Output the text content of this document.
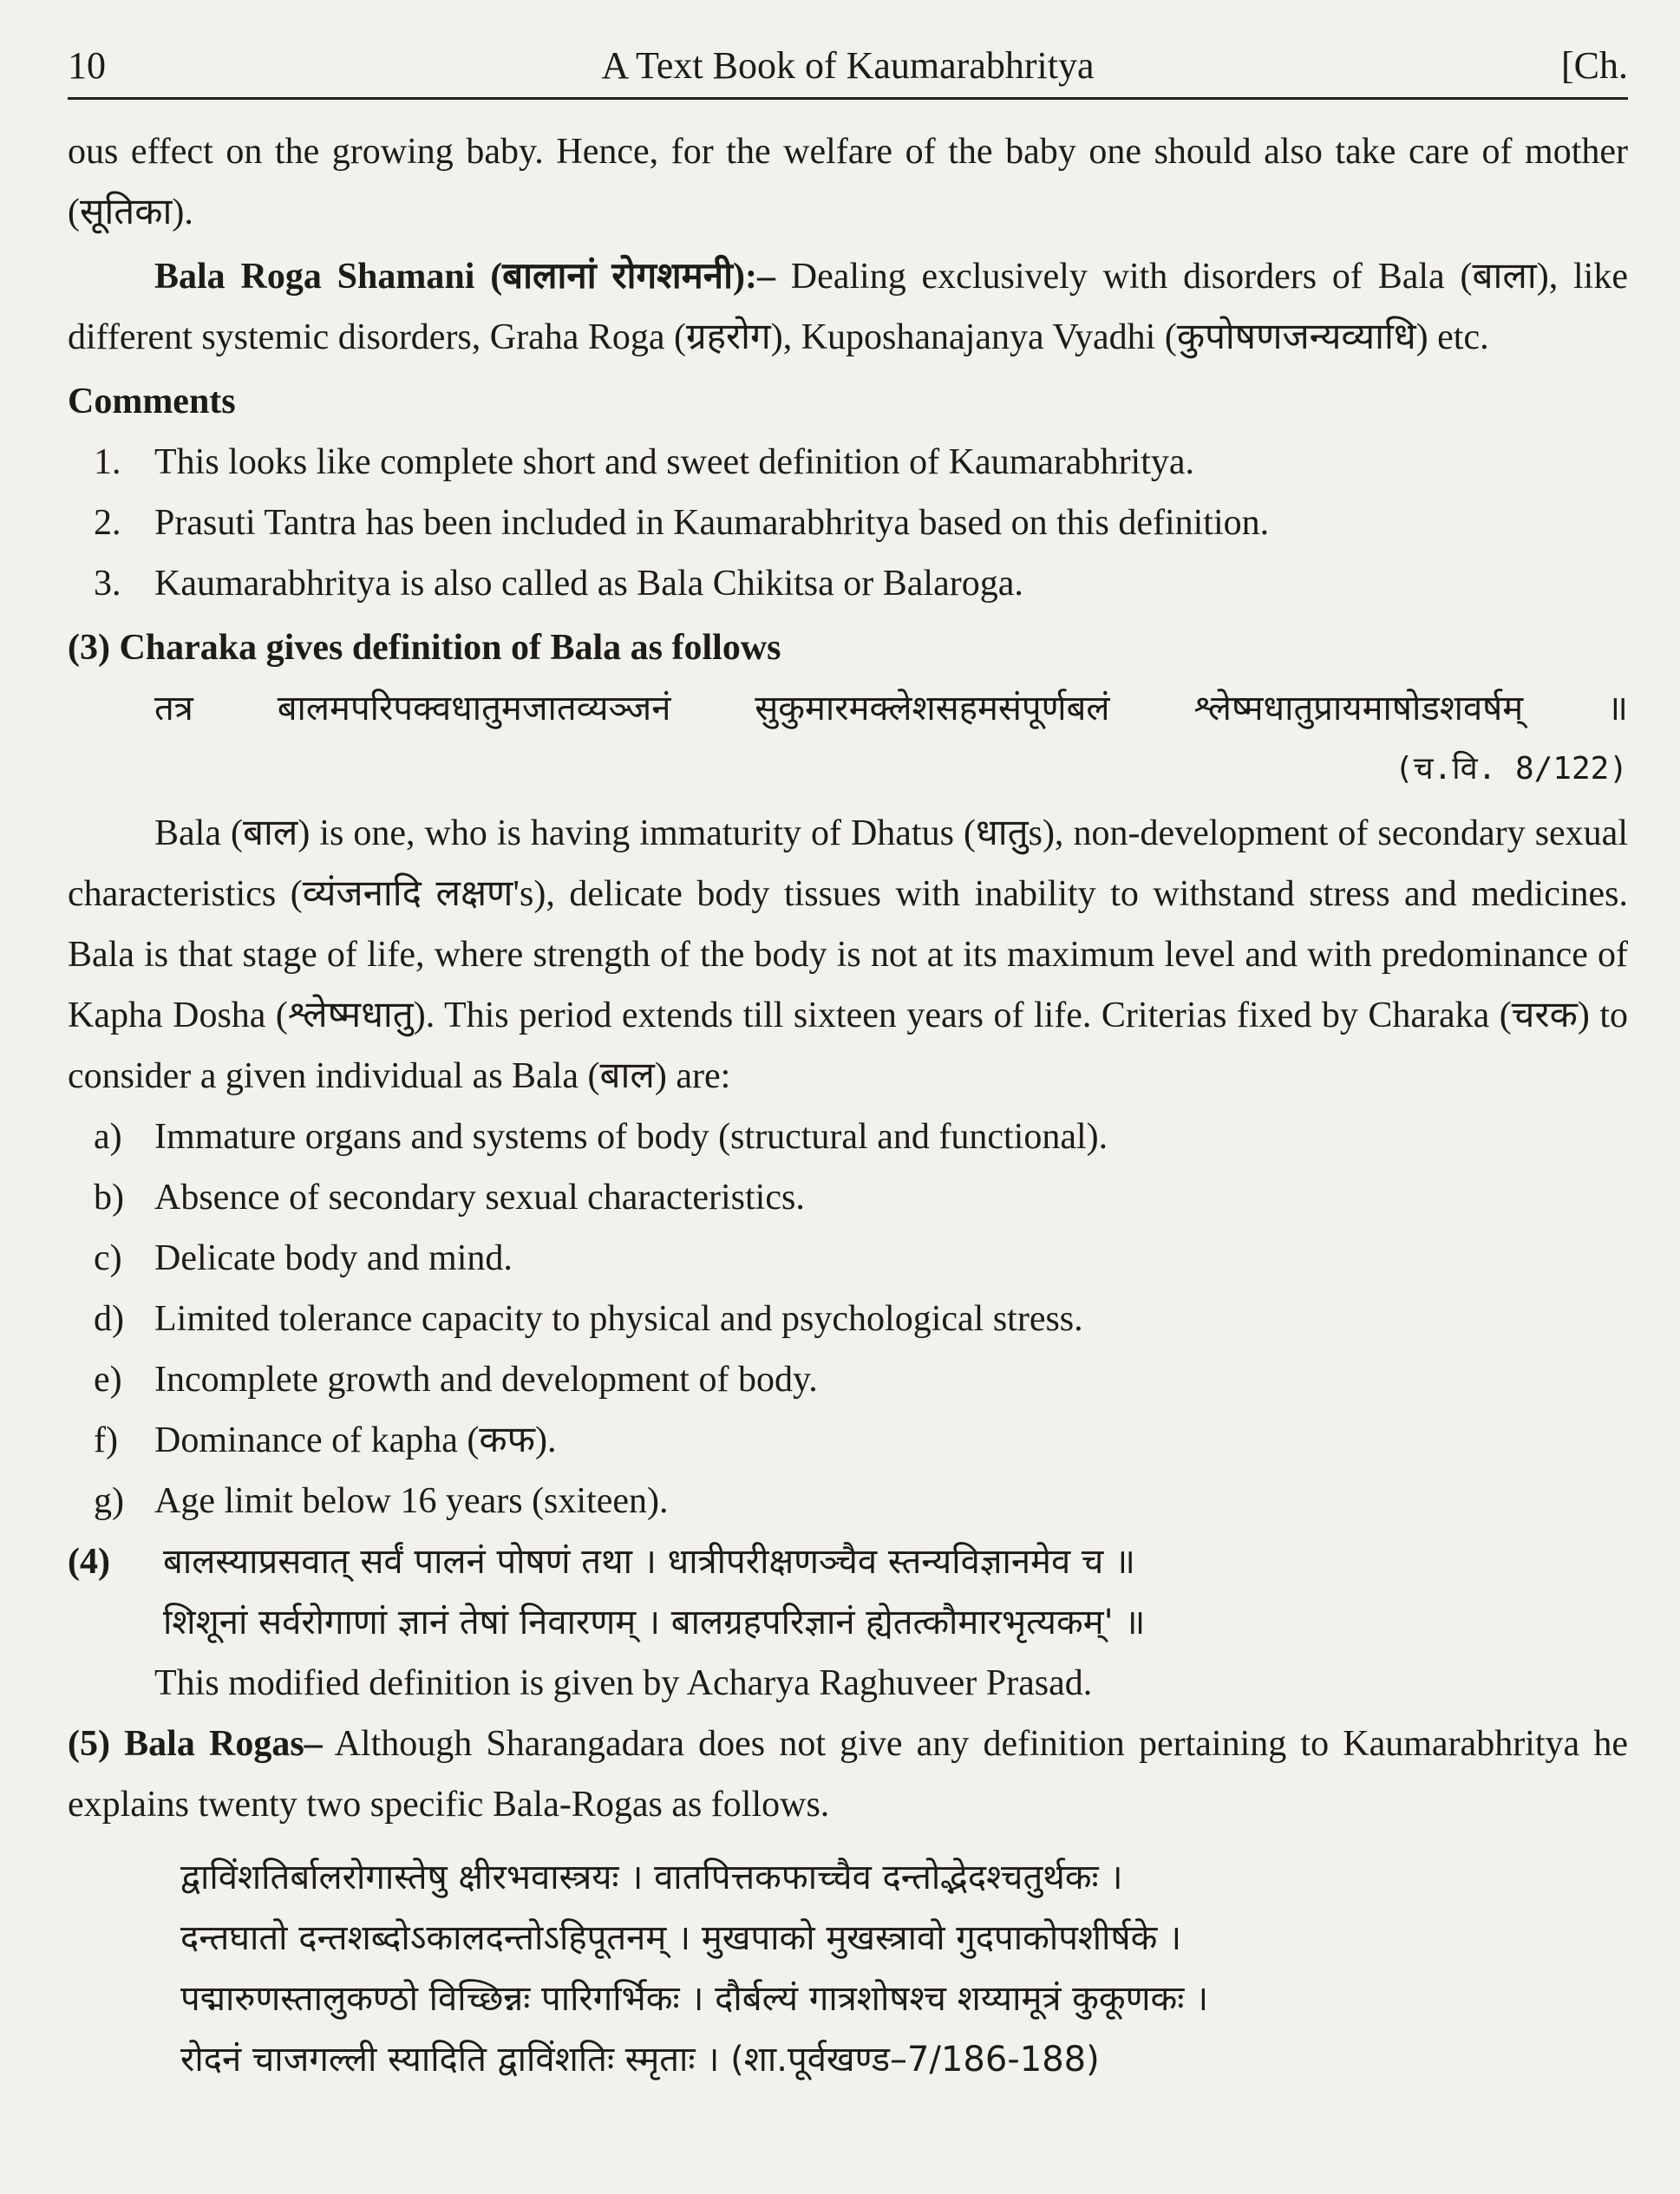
10	A Text Book of Kaumarabhritya	[Ch.

ous effect on the growing baby. Hence, for the welfare of the baby one should also take care of mother (सूतिका).

Bala Roga Shamani (बालानां रोगशमनी):– Dealing exclusively with disorders of Bala (बाला), like different systemic disorders, Graha Roga (ग्रहरोग), Kuposhanajanya Vyadhi (कुपोषणजन्यव्याधि) etc.

Comments

1. This looks like complete short and sweet definition of Kaumarabhritya.
2. Prasuti Tantra has been included in Kaumarabhritya based on this definition.
3. Kaumarabhritya is also called as Bala Chikitsa or Balaroga.

(3) Charaka gives definition of Bala as follows

तत्र बालमपरिपक्वधातुमजातव्यञ्जनं सुकुमारमक्लेशसहमसंपूर्णबलं श्लेष्मधातुप्रायमाषोडशवर्षम् ॥

(च.वि. 8/122)

Bala (बाल) is one, who is having immaturity of Dhatus (धातुs), non-development of secondary sexual characteristics (व्यंजनादि लक्षण's), delicate body tissues with inability to withstand stress and medicines. Bala is that stage of life, where strength of the body is not at its maximum level and with predominance of Kapha Dosha (श्लेष्मधातु). This period extends till sixteen years of life. Criterias fixed by Charaka (चरक) to consider a given individual as Bala (बाल) are:

a) Immature organs and systems of body (structural and functional).
b) Absence of secondary sexual characteristics.
c) Delicate body and mind.
d) Limited tolerance capacity to physical and psychological stress.
e) Incomplete growth and development of body.
f) Dominance of kapha (कफ).
g) Age limit below 16 years (sxiteen).
(4) बालस्याप्रसवात् सर्वं पालनं पोषणं तथा । धात्रीपरीक्षणञ्चैव स्तन्यविज्ञानमेव च ॥

शिशूनां सर्वरोगाणां ज्ञानं तेषां निवारणम् । बालग्रहपरिज्ञानं ह्येतत्कौमारभृत्यकम्' ॥

This modified definition is given by Acharya Raghuveer Prasad.

(5) Bala Rogas– Although Sharangadara does not give any definition pertaining to Kaumarabhritya he explains twenty two specific Bala-Rogas as follows.

द्वाविंशतिर्बालरोगास्तेषु क्षीरभवास्त्रयः । वातपित्तकफाच्चैव दन्तोद्भेदश्चतुर्थकः ।

दन्तघातो दन्तशब्दोऽकालदन्तोऽहिपूतनम् । मुखपाको मुखस्त्रावो गुदपाकोपशीर्षके ।

पद्मारुणस्तालुकण्ठो विच्छिन्नः पारिगर्भिकः । दौर्बल्यं गात्रशोषश्च शय्यामूत्रं कुकूणकः ।

रोदनं चाजगल्ली स्यादिति द्वाविंशतिः स्मृताः । (शा.पूर्वखण्ड–7/186-188)
